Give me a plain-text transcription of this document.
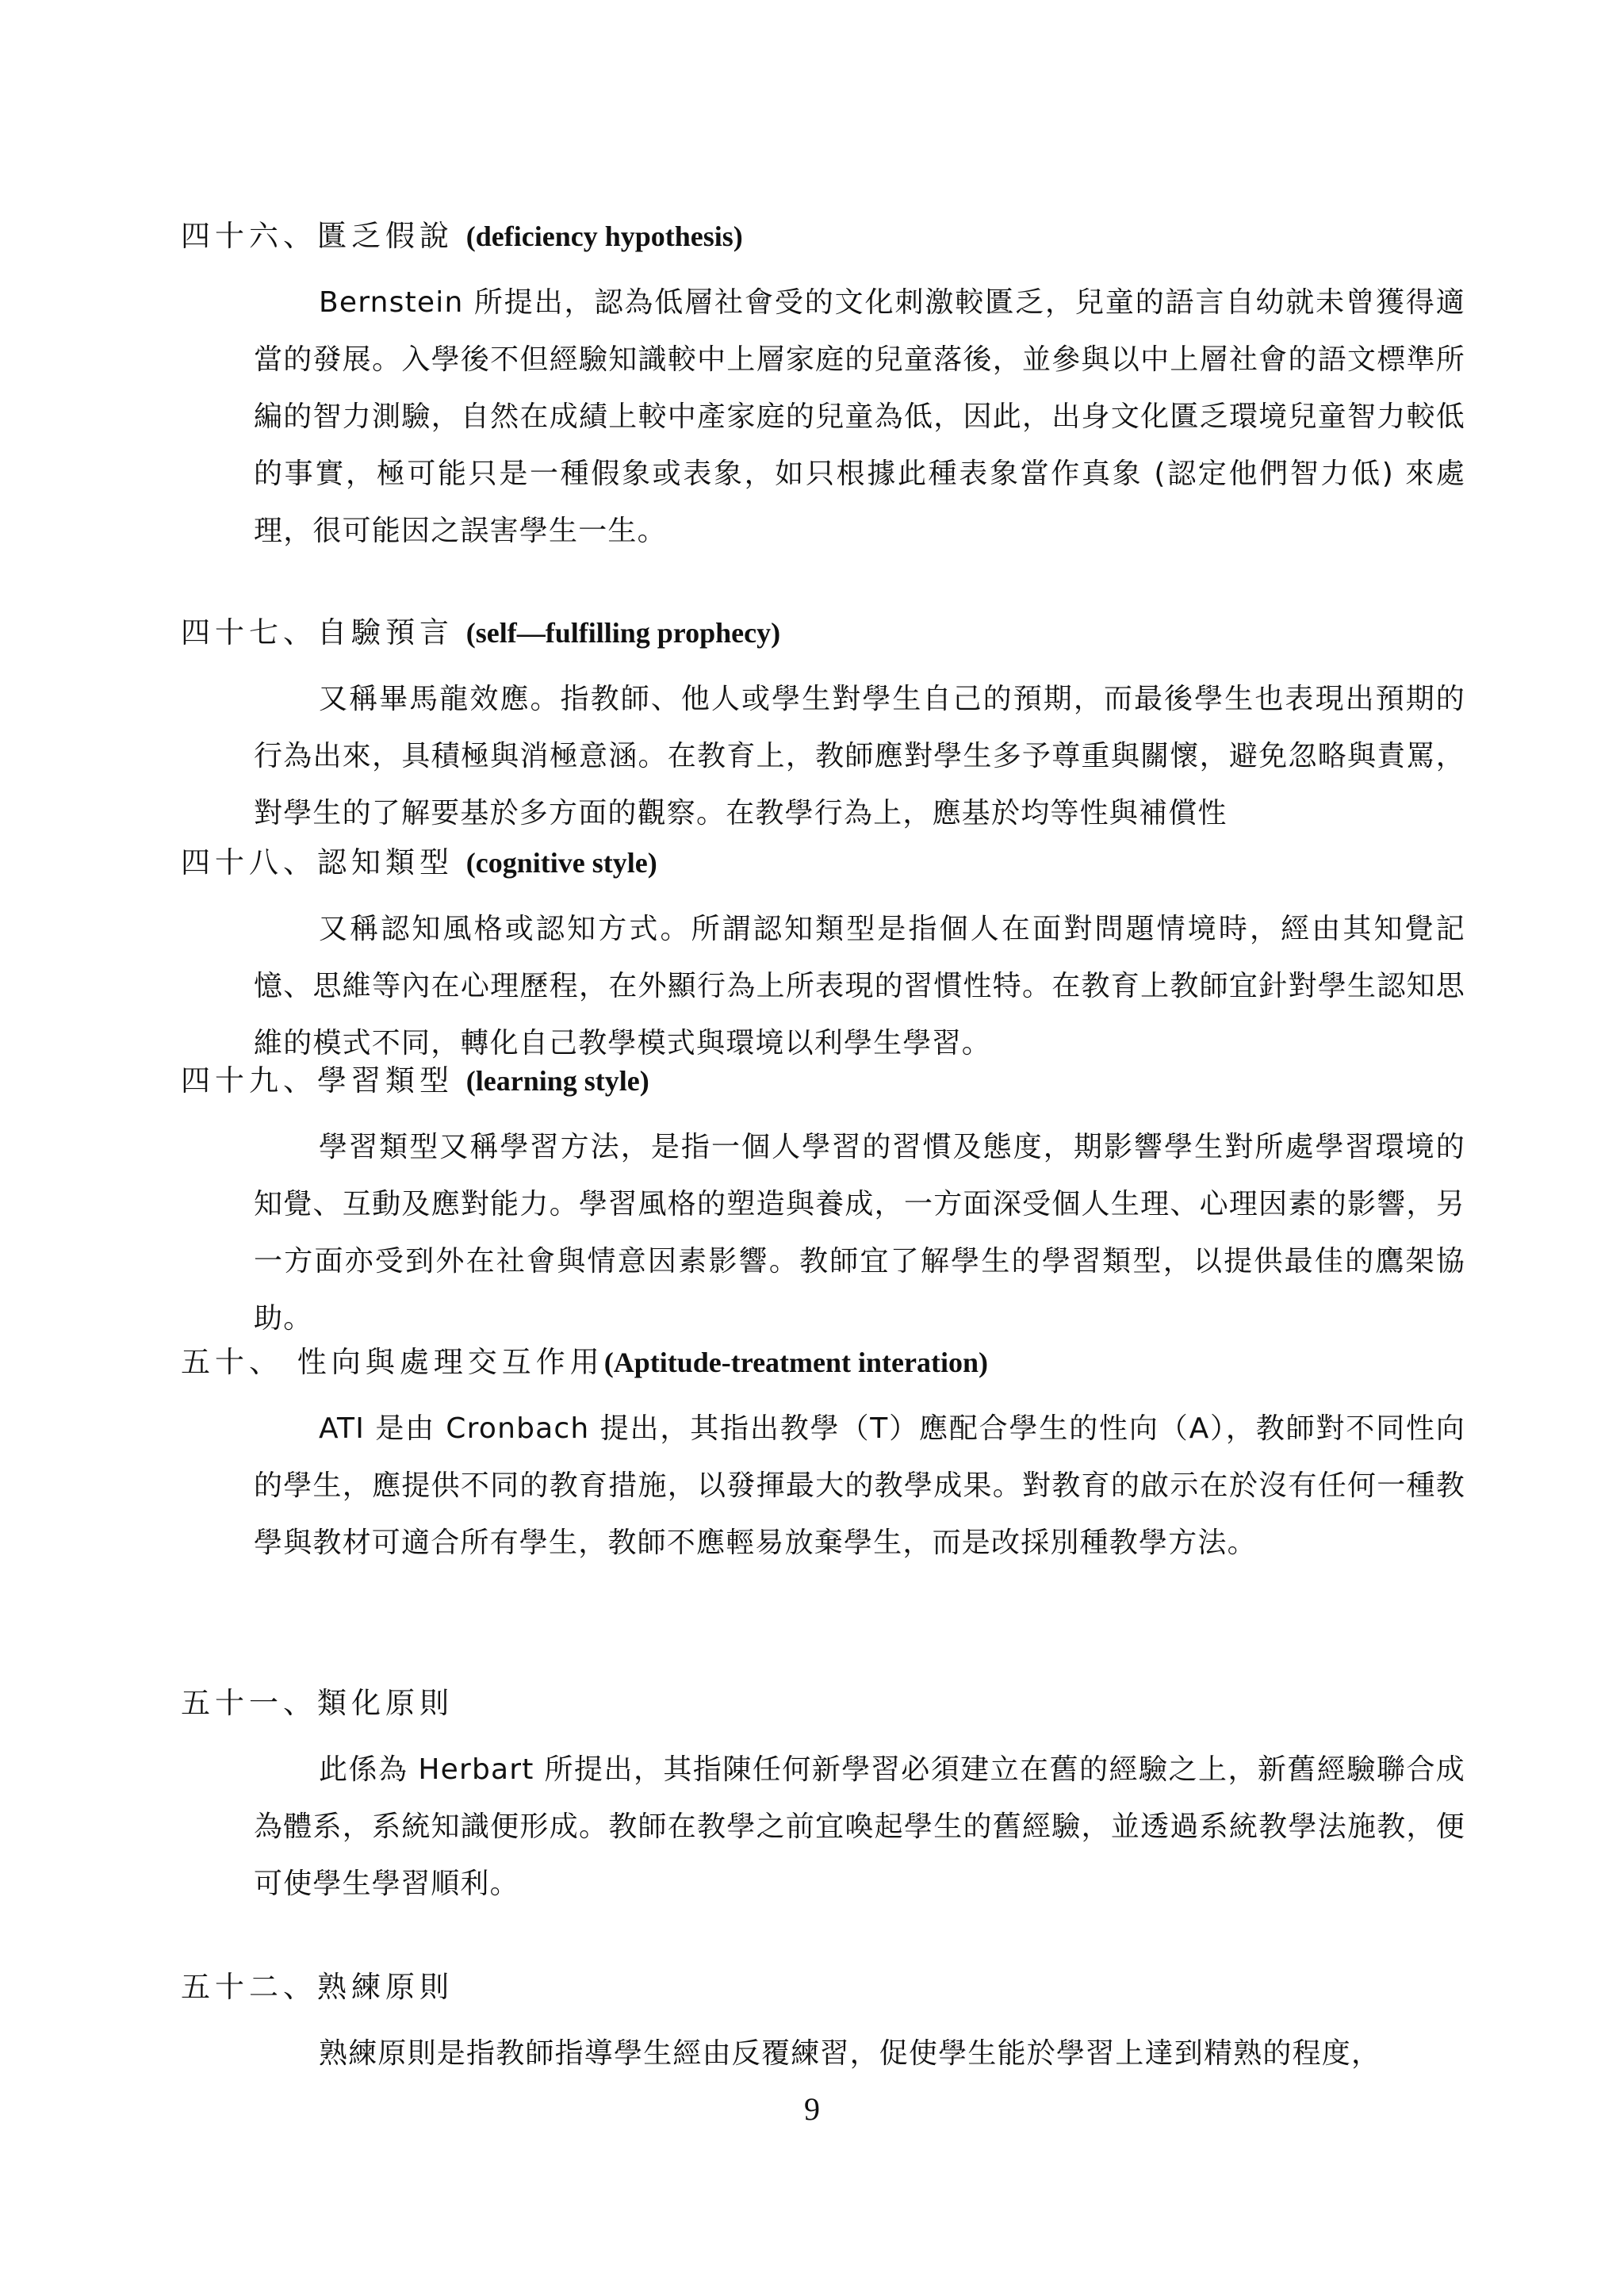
四十六、匱乏假說 (deficiency hypothesis)

Bernstein 所提出，認為低層社會受的文化刺激較匱乏，兒童的語言自幼就未曾獲得適當的發展。入學後不但經驗知識較中上層家庭的兒童落後，並參與以中上層社會的語文標準所編的智力測驗，自然在成績上較中產家庭的兒童為低，因此，出身文化匱乏環境兒童智力較低的事實，極可能只是一種假象或表象，如只根據此種表象當作真象 (認定他們智力低) 來處理，很可能因之誤害學生一生。

四十七、自驗預言 (self—fulfilling prophecy)

又稱畢馬龍效應。指教師、他人或學生對學生自己的預期，而最後學生也表現出預期的行為出來，具積極與消極意涵。在教育上，教師應對學生多予尊重與關懷，避免忽略與責罵，對學生的了解要基於多方面的觀察。在教學行為上，應基於均等性與補償性

四十八、認知類型 (cognitive style)

又稱認知風格或認知方式。所謂認知類型是指個人在面對問題情境時，經由其知覺記憶、思維等內在心理歷程，在外顯行為上所表現的習慣性特。在教育上教師宜針對學生認知思維的模式不同，轉化自己教學模式與環境以利學生學習。

四十九、學習類型 (learning style)

學習類型又稱學習方法，是指一個人學習的習慣及態度，期影響學生對所處學習環境的知覺、互動及應對能力。學習風格的塑造與養成，一方面深受個人生理、心理因素的影響，另一方面亦受到外在社會與情意因素影響。教師宜了解學生的學習類型，以提供最佳的鷹架協助。

五十、 性向與處理交互作用(Aptitude-treatment interation)

ATI 是由 Cronbach 提出，其指出教學（T）應配合學生的性向（A），教師對不同性向的學生，應提供不同的教育措施，以發揮最大的教學成果。對教育的啟示在於沒有任何一種教學與教材可適合所有學生，教師不應輕易放棄學生，而是改採別種教學方法。

五十一、類化原則

此係為 Herbart 所提出，其指陳任何新學習必須建立在舊的經驗之上，新舊經驗聯合成為體系，系統知識便形成。教師在教學之前宜喚起學生的舊經驗，並透過系統教學法施教，便可使學生學習順利。

五十二、熟練原則

熟練原則是指教師指導學生經由反覆練習，促使學生能於學習上達到精熟的程度，

9
